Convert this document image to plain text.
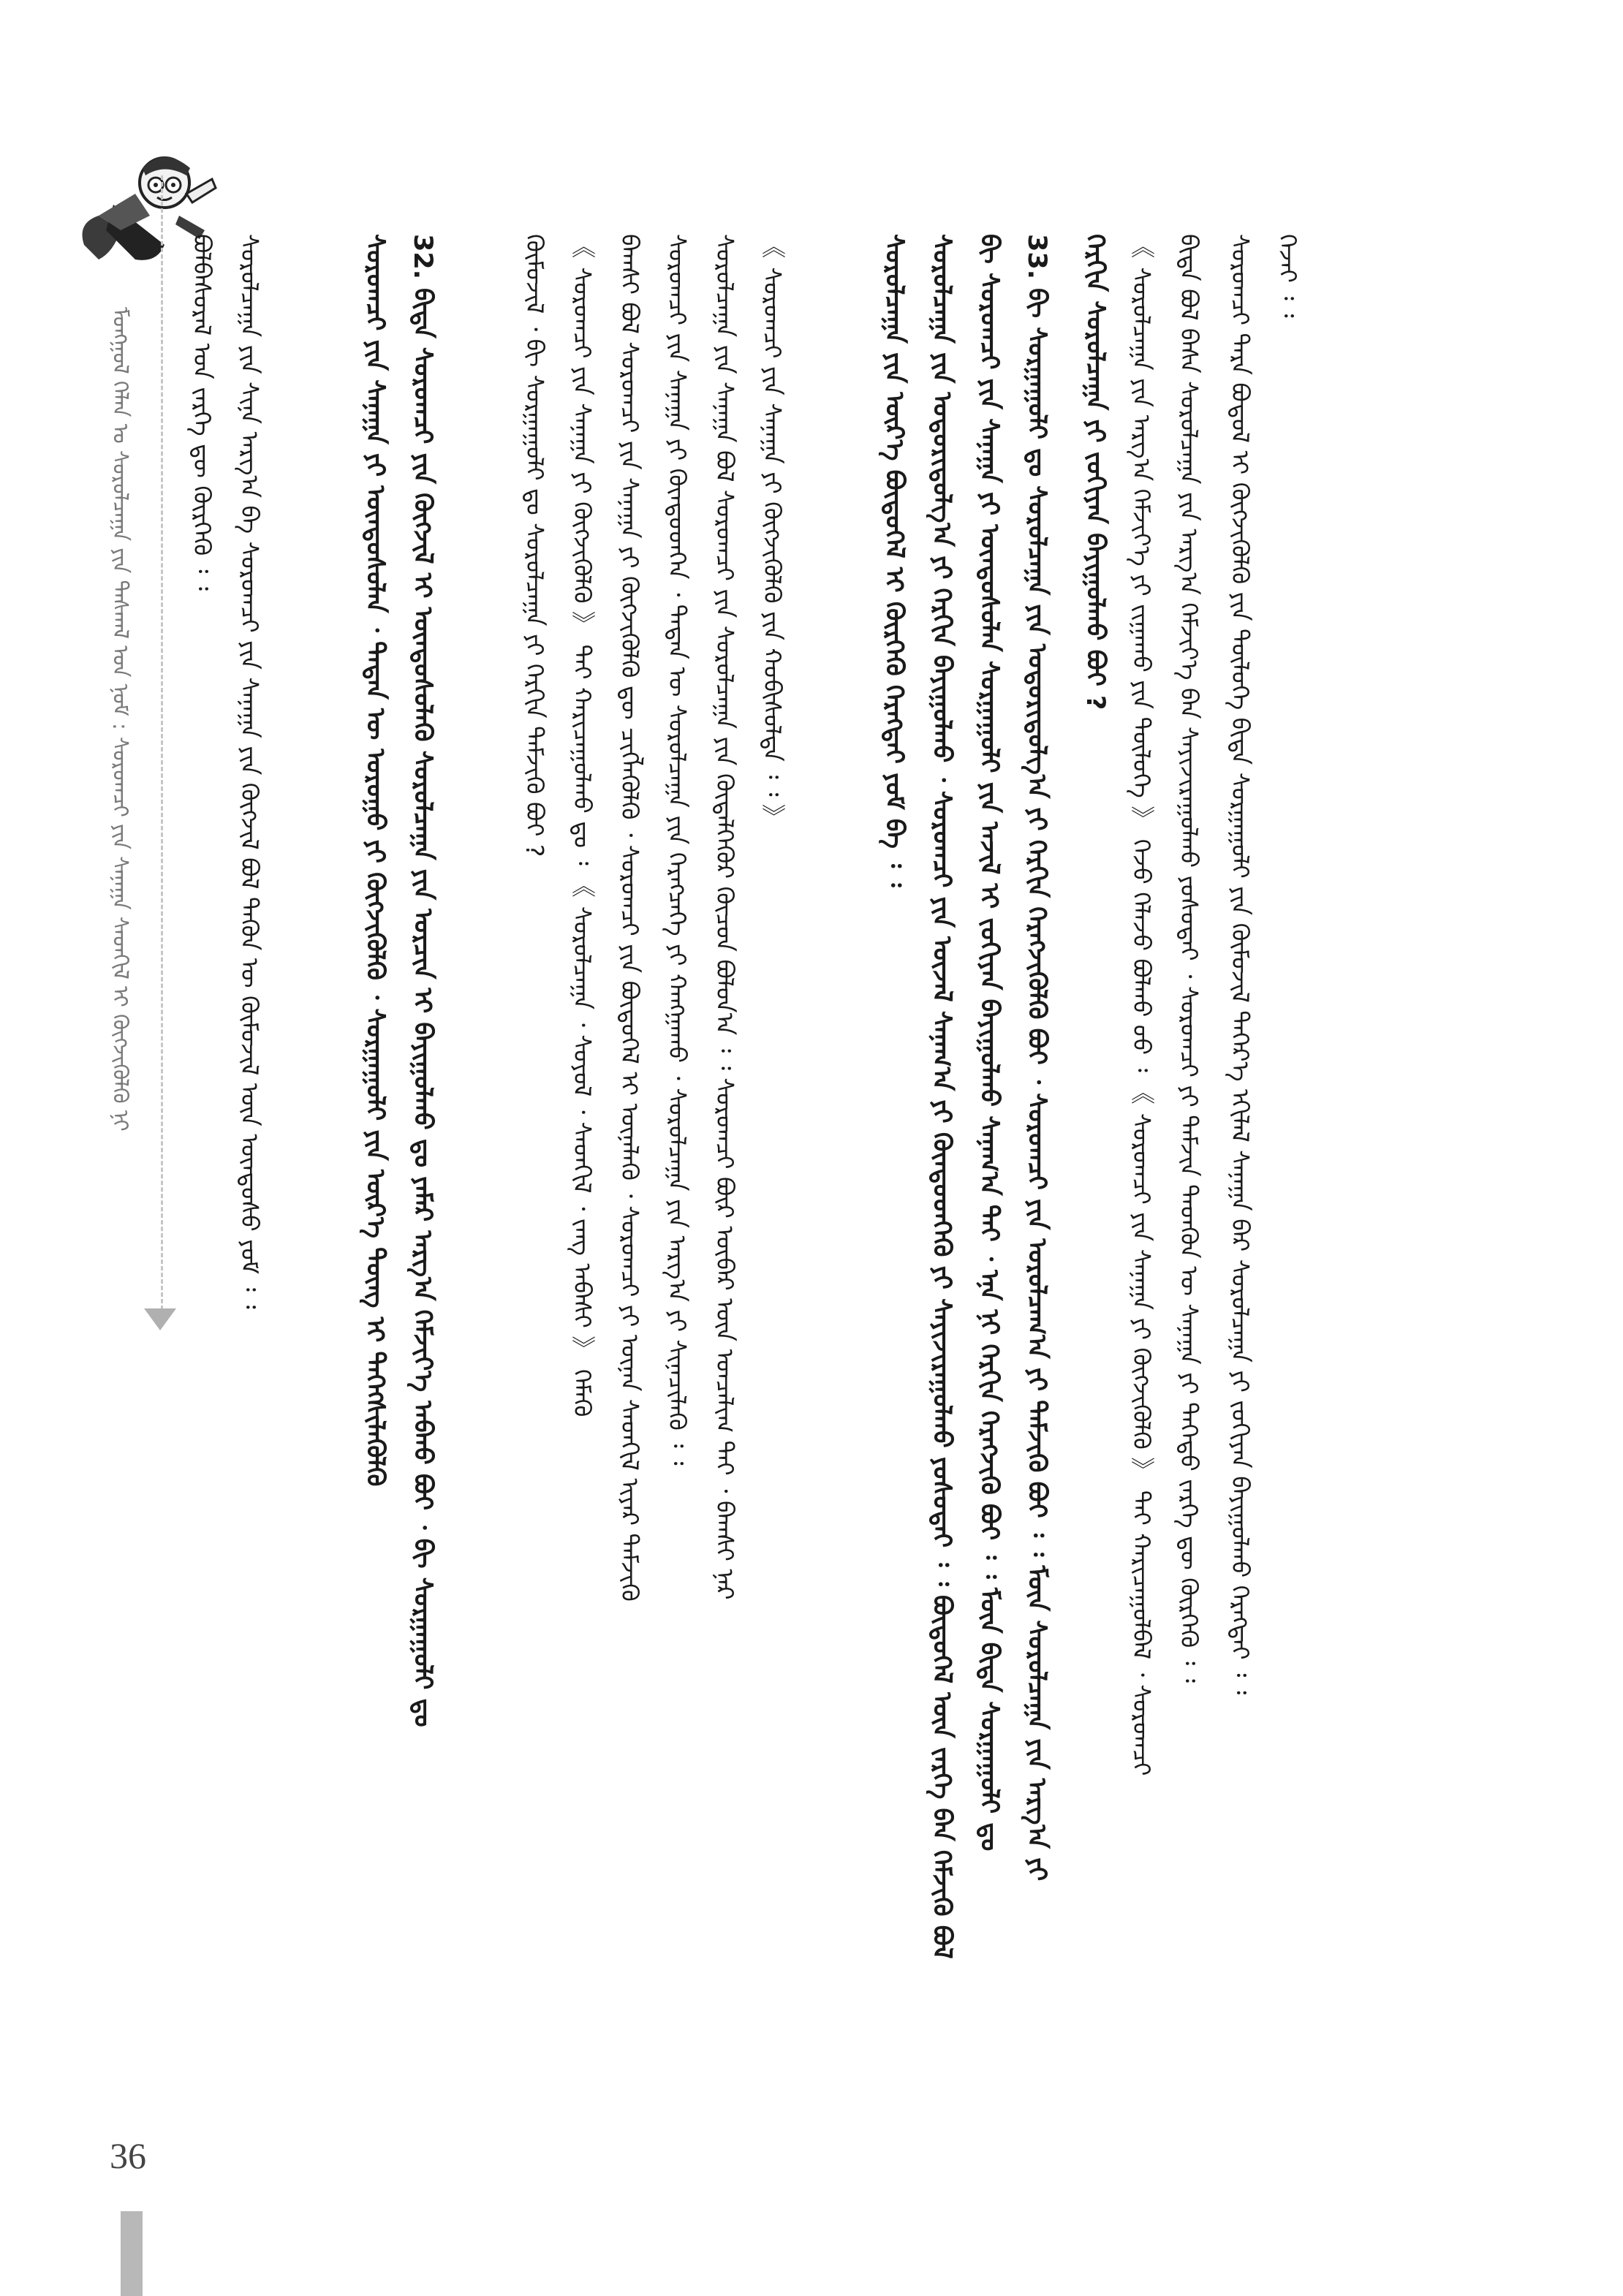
ᠮᠣᠩᠭᠣᠯ ᠬᠡᠯᠡᠨ ᠤ ᠰᠤᠷᠤᠯᠴᠠᠭᠠ ᠶᠢᠨ ᠳᠠᠰᠬᠠᠯ ᠤᠨ ᠨᠣᠮ : ᠰᠤᠷᠤᠭᠴᠢ ᠶᠢᠨ ᠰᠠᠨᠠᠭᠠ ᠰᠡᠳᠭᠢᠯ ᠢ ᠬᠥᠭᠵᠢᠭᠦᠯᠬᠦ ᠨᠢ
ᠭᠡᠵᠡᠢ ᠄ ᠄
ᠰᠤᠷᠤᠭᠴᠢ ᠲᠡᠷᠡ ᠪᠣᠳᠣᠯ ᠢ ᠬᠥᠭᠵᠢᠭᠦᠯᠬᠦ ᠶᠢᠨ ᠲᠥᠯᠦᠭᠡ ᠪᠢᠳᠡ ᠰᠤᠷᠭᠠᠭᠤᠯᠢ ᠶᠢᠨ ᠬᠦᠮᠦᠵᠢᠯ ᠳᠡᠭᠡᠷ᠎ᠡ ᠡᠬᠢᠯᠡᠯ ᠰᠠᠨᠠᠭᠠ ᠪᠡᠷ ᠰᠤᠷᠤᠯᠴᠠᠭᠠ ᠶᠢ ᠵᠣᠬᠢᠶᠠᠨ ᠪᠠᠶᠢᠭᠤᠯᠬᠤ ᠬᠡᠷᠡᠭᠲᠡᠢ ᠄ ᠄
ᠪᠢᠳᠡ ᠪᠣᠯ ᠪᠠᠰᠠ ᠰᠤᠷᠤᠯᠴᠠᠭᠠ ᠶᠢᠨ ᠠᠷᠭ᠎ᠠ ᠬᠡᠮᠵᠢᠶ᠎ᠡ ᠪᠡᠨ ᠰᠠᠶᠢᠵᠢᠷᠠᠭᠤᠯᠬᠤ ᠶᠣᠰᠣᠲᠠᠢ ᠂ ᠰᠤᠷᠤᠭᠴᠢ ᠶᠢ ᠳᠡᠮᠵᠢᠨ ᠲᠡᠳᠬᠦᠨ ᠦ ᠰᠠᠨᠠᠭᠠ ᠶᠢ ᠳᠡᠭᠡᠳᠦ ᠵᠡᠷᠭᠡ ᠳᠦ ᠬᠦᠷᠭᠡᠬᠦ ᠄ ᠄
《 ᠰᠤᠷᠤᠯᠴᠠᠭᠠ ᠶᠢᠨ ᠠᠷᠭ᠎ᠠ ᠬᠡᠮᠵᠢᠶ᠎ᠡ ᠶᠢ ᠵᠢᠭᠠᠬᠤ ᠶᠢᠨ ᠲᠥᠯᠦᠭᠡ 》 ᠭᠡᠵᠦ ᠬᠡᠯᠡᠵᠦ ᠪᠣᠯᠬᠤ ᠤᠤ ᠄ 《 ᠰᠤᠷᠤᠭᠴᠢ ᠶᠢᠨ ᠰᠠᠨᠠᠭᠠ ᠶᠢ ᠬᠥᠭᠵᠢᠭᠦᠯᠬᠦ 》 ᠲᠠᠢ ᠬᠠᠷᠢᠴᠠᠭᠤᠯᠪᠠᠯ ᠂ ᠰᠤᠷᠤᠭᠴᠢ
ᠬᠡᠷᠬᠢᠨ ᠰᠤᠷᠤᠯᠴᠠᠭᠠ ᠶᠢ ᠵᠣᠬᠢᠶᠠᠨ ᠪᠠᠶᠢᠭᠤᠯᠬᠤ ᠪᠤᠢ ?
33. ᠪᠢ ᠰᠤᠷᠭᠠᠭᠤᠯᠢ ᠳᠤ ᠰᠤᠷᠤᠯᠴᠠᠭᠠ ᠶᠢᠨ ᠤᠳᠤᠷᠢᠳᠤᠯᠭ᠎ᠠ ᠶᠢ ᠬᠡᠷᠬᠢᠨ ᠬᠡᠷᠡᠭᠵᠢᠭᠦᠯᠬᠦ ᠪᠤᠢ ᠂ ᠰᠤᠷᠤᠭᠴᠢ ᠶᠢᠨ ᠣᠷᠣᠯᠴᠠᠭ᠎ᠠ ᠶᠢ ᠳᠡᠮᠵᠢᠬᠦ ᠪᠤᠢ ᠄ ᠄ ᠮᠥᠨ ᠰᠤᠷᠤᠯᠴᠠᠭᠠ ᠶᠢᠨ ᠠᠷᠭ᠎ᠠ ᠶᠢ
ᠪᠢ ᠰᠤᠷᠤᠭᠴᠢ ᠶᠢᠨ ᠰᠠᠨᠠᠭᠠ ᠶᠢ ᠦᠨᠳᠦᠰᠦᠯᠡᠨ ᠰᠤᠷᠭᠠᠭᠤᠯᠢ ᠶᠢᠨ ᠠᠵᠢᠯ ᠢ ᠵᠣᠬᠢᠶᠠᠨ ᠪᠠᠶᠢᠭᠤᠯᠬᠤ ᠰᠠᠨᠠᠭ᠎ᠠ ᠲᠠᠢ ᠂ ᠡᠨᠡ ᠨᠢ ᠬᠡᠷᠬᠢᠨ ᠬᠡᠷᠡᠭᠵᠢᠬᠦ ᠪᠤᠢ ᠄ ᠄ ᠮᠥᠨ ᠪᠢᠳᠡ ᠰᠤᠷᠭᠠᠭᠤᠯᠢ ᠳᠤ
ᠰᠤᠷᠤᠯᠴᠠᠭᠠ ᠶᠢᠨ ᠤᠳᠤᠷᠢᠳᠤᠯᠭ᠎ᠠ ᠶᠢ ᠬᠡᠷᠬᠢᠨ ᠪᠠᠶᠢᠭᠤᠯᠬᠤ ᠂ ᠰᠤᠷᠤᠭᠴᠢ ᠶᠢᠨ ᠦᠵᠡᠯ ᠰᠠᠨᠠᠭ᠎ᠠ ᠶᠢ ᠬᠦᠨᠳᠦᠳᠬᠡᠬᠦ ᠶᠢ ᠰᠠᠶᠢᠵᠢᠷᠠᠭᠤᠯᠬᠤ ᠶᠣᠰᠣᠲᠠᠢ ᠄ ᠄ ᠪᠦᠲᠦᠭᠡᠯ ᠦᠨ ᠵᠡᠷᠭᠡ ᠪᠡᠨ ᠬᠡᠮᠵᠢᠬᠦ ᠪᠣᠯ
ᠰᠤᠷᠤᠯᠴᠠᠭᠠ ᠶᠢᠨ ᠦᠷ᠎ᠡ ᠪᠦᠲᠦᠭᠡᠯ ᠢ ᠬᠦᠷᠭᠡᠬᠦ ᠬᠡᠷᠡᠭᠲᠡᠢ ᠶᠤᠮ ᠪᠠ ᠄ ᠄
《 ᠰᠤᠷᠤᠭᠴᠢ ᠶᠢᠨ ᠰᠠᠨᠠᠭᠠ ᠶᠢ ᠬᠥᠭᠵᠢᠭᠦᠯᠬᠦ ᠶᠢᠨ ᠬᠤᠪᠢᠰᠤᠯᠲᠠ ᠄ ᠄ 》
ᠰᠤᠷᠤᠯᠴᠠᠭᠠ ᠶᠢᠨ ᠰᠠᠨᠠᠭᠠ ᠪᠣᠯ ᠰᠤᠷᠤᠭᠴᠢ ᠶᠢᠨ ᠰᠤᠷᠤᠯᠴᠠᠭᠠ ᠶᠢᠨ ᠬᠥᠳᠡᠯᠭᠡᠭᠦᠷ ᠬᠦᠴᠦᠨ ᠪᠣᠯᠤᠨ᠎ᠠ ᠄ ᠄ ᠰᠤᠷᠤᠭᠴᠢ ᠪᠦᠷ ᠦᠪᠡᠷ ᠦᠨ ᠣᠨᠴᠠᠯᠢᠭ ᠲᠠᠢ ᠂ ᠪᠠᠭᠰᠢ ᠨᠠᠷ
ᠰᠤᠷᠤᠭᠴᠢ ᠶᠢᠨ ᠰᠠᠨᠠᠭᠠ ᠶᠢ ᠬᠦᠨᠳᠦᠳᠬᠡᠨ ᠂ ᠲᠡᠳᠡᠨ ᠦ ᠰᠤᠷᠤᠯᠴᠠᠭᠠ ᠶᠢᠨ ᠬᠡᠷᠡᠭᠴᠡᠭᠡ ᠶᠢ ᠬᠠᠩᠭᠠᠬᠤ ᠂ ᠰᠤᠷᠤᠯᠴᠠᠭᠠ ᠶᠢᠨ ᠠᠷᠭ᠎ᠠ ᠶᠢ ᠰᠢᠨᠡᠴᠢᠯᠡᠬᠦ ᠄ ᠄
ᠪᠠᠭᠰᠢ ᠪᠣᠯ ᠰᠤᠷᠤᠭᠴᠢ ᠶᠢᠨ ᠰᠠᠨᠠᠭᠠ ᠶᠢ ᠬᠥᠭᠵᠢᠭᠦᠯᠬᠦ ᠳᠦ ᠴᠢᠭᠯᠡᠭᠦᠯᠬᠦ ᠂ ᠰᠤᠷᠤᠭᠴᠢ ᠶᠢᠨ ᠪᠦᠲᠦᠭᠡᠯ ᠢ ᠦᠨᠡᠯᠡᠬᠦ ᠂ ᠰᠤᠷᠤᠭᠴᠢ ᠶᠢ ᠦᠨᠡᠨ ᠰᠡᠳᠬᠢᠯ ᠢᠶᠡᠷ ᠳᠡᠮᠵᠢᠬᠦ
《 ᠰᠤᠷᠤᠭᠴᠢ ᠶᠢᠨ ᠰᠠᠨᠠᠭᠠ ᠶᠢ ᠬᠥᠭᠵᠢᠭᠦᠯᠬᠦ 》 ᠲᠠᠢ ᠬᠠᠷᠢᠴᠠᠭᠤᠯᠬᠤ ᠳᠤ ᠄ 《 ᠰᠤᠷᠤᠯᠴᠠᠭᠠ ᠂ ᠰᠣᠶᠣᠯ ᠂ ᠰᠡᠳᠬᠢᠯ ᠂ ᠵᠠᠩ ᠠᠪᠠᠰᠢ 》 ᠬᠡᠮᠡᠬᠦ
ᠬᠦᠮᠦᠵᠢᠯ ᠂ ᠪᠢ ᠰᠤᠷᠭᠠᠭᠤᠯᠢ ᠳᠤ ᠰᠤᠷᠤᠯᠴᠠᠭᠠ ᠶᠢ ᠬᠡᠷᠬᠢᠨ ᠳᠡᠮᠵᠢᠬᠦ ᠪᠤᠢ ?
32. ᠪᠢᠳᠡ ᠰᠤᠷᠤᠭᠴᠢ ᠶᠢᠨ ᠬᠥᠭᠵᠢᠯ ᠢ ᠦᠨᠳᠦᠰᠦᠯᠡᠬᠦ ᠰᠤᠷᠤᠯᠴᠠᠭᠠ ᠶᠢᠨ ᠣᠷᠴᠢᠨ ᠢ ᠪᠠᠶᠢᠭᠤᠯᠬᠤ ᠳᠤ ᠶᠠᠮᠠᠷ ᠠᠷᠭ᠎ᠠ ᠬᠡᠮᠵᠢᠶ᠎ᠡ ᠠᠪᠬᠤ ᠪᠤᠢ ᠂ ᠪᠢ ᠰᠤᠷᠭᠠᠭᠤᠯᠢ ᠳᠤ
ᠰᠤᠷᠤᠭᠴᠢ ᠶᠢᠨ ᠰᠠᠨᠠᠭᠠ ᠶᠢ ᠦᠨᠳᠦᠰᠦᠯᠡᠨ ᠂ ᠲᠡᠳᠡᠨ ᠦ ᠤᠷᠤᠭᠤ ᠶᠢ ᠬᠥᠭᠵᠢᠭᠦᠯᠬᠦ ᠂ ᠰᠤᠷᠭᠠᠭᠤᠯᠢ ᠶᠢᠨ ᠦᠷ᠎ᠡ ᠳᠦᠩ ᠢ ᠳᠡᠭᠡᠭᠰᠢᠯᠡᠭᠦᠯᠬᠦ
ᠰᠤᠷᠤᠯᠴᠠᠭᠠ ᠶᠢᠨ ᠰᠢᠨᠡ ᠠᠷᠭ᠎ᠠ ᠪᠠ ᠰᠤᠷᠤᠭᠴᠢ ᠶᠢᠨ ᠰᠠᠨᠠᠭᠠ ᠶᠢᠨ ᠬᠥᠭᠵᠢᠯ ᠪᠣᠯ ᠲᠡᠭᠦᠨ ᠦ ᠬᠦᠮᠦᠵᠢᠯ ᠦᠨ ᠦᠨᠳᠦᠰᠦ ᠶᠤᠮ ᠄ ᠄
ᠪᠣᠯᠪᠠᠰᠤᠷᠠᠯ ᠤᠨ ᠵᠡᠷᠭᠡ ᠳᠦ ᠬᠦᠷᠭᠡᠬᠦ ᠄ ᠄
36
